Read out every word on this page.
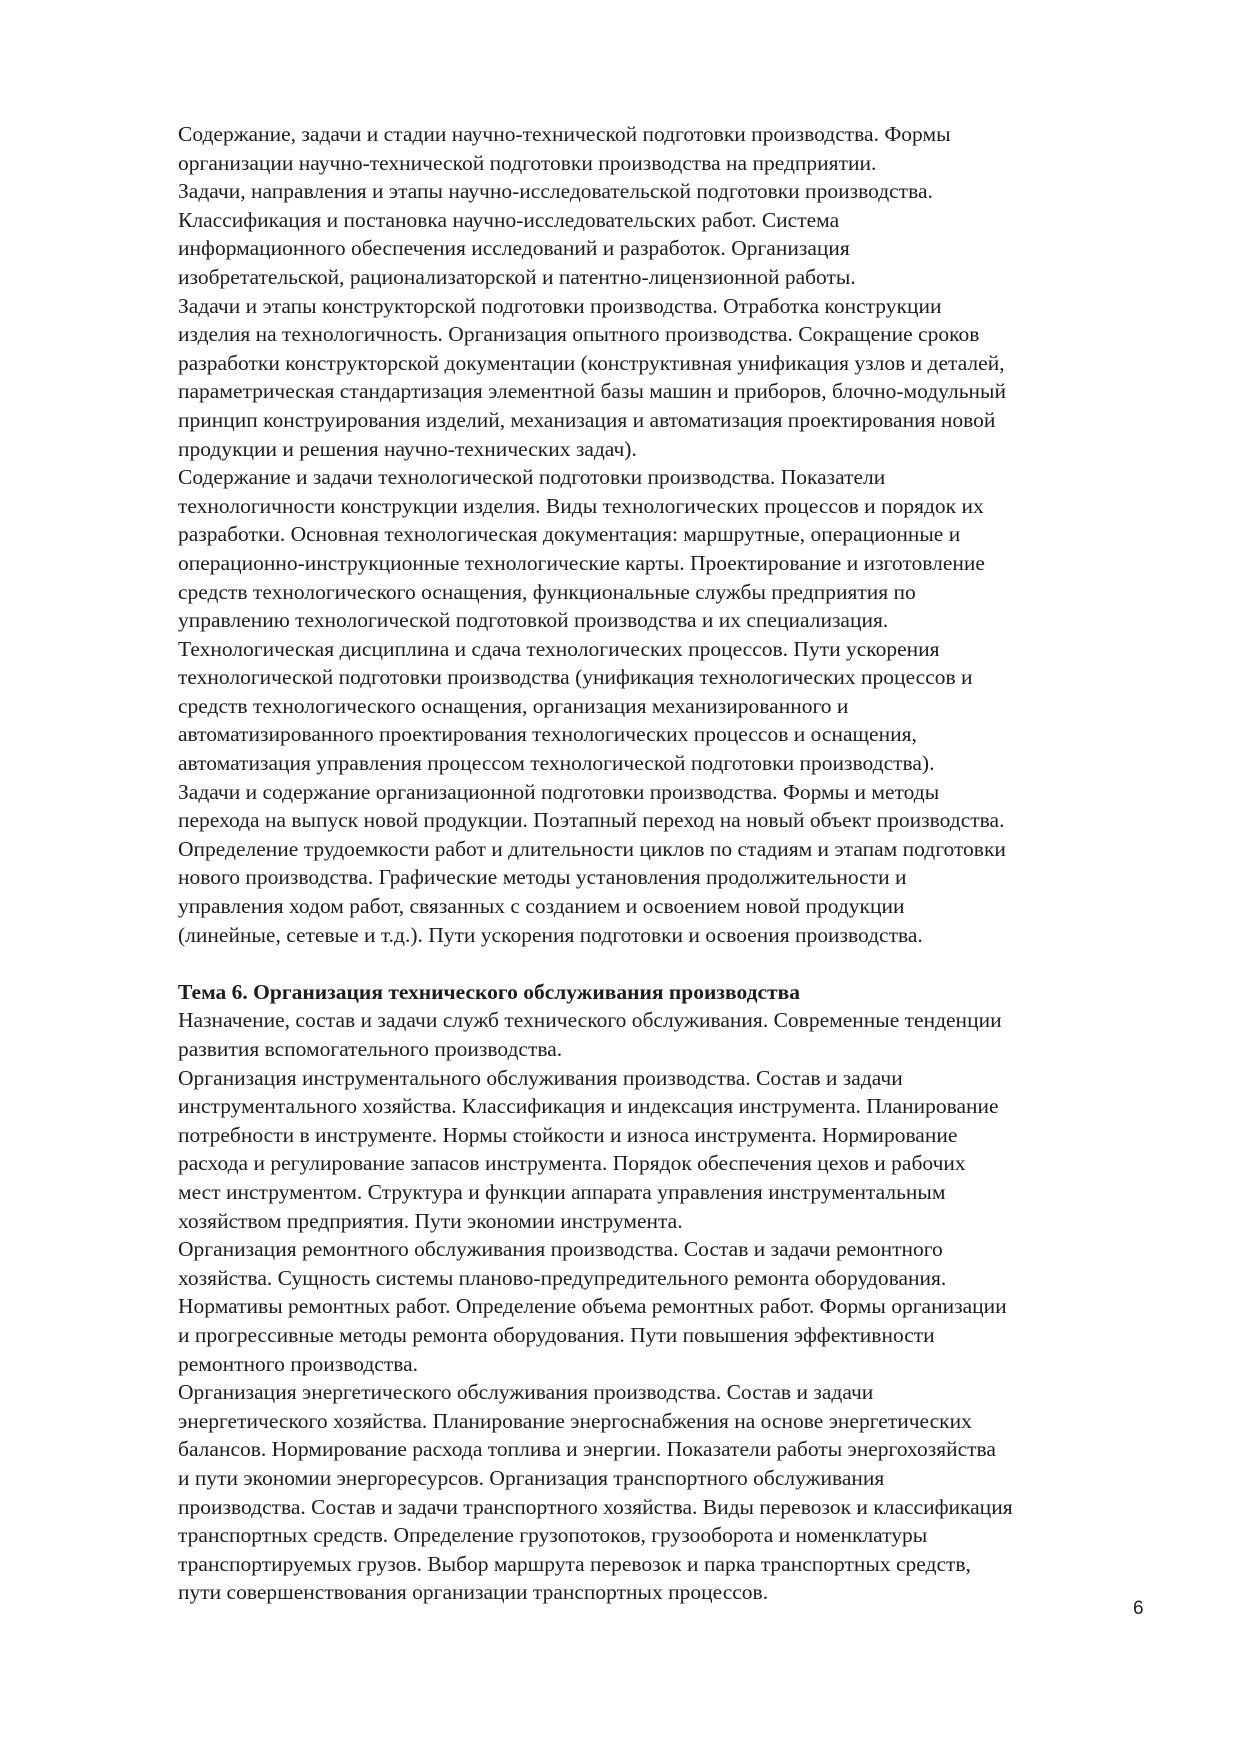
Содержание, задачи и стадии научно-технической подготовки производства. Формы
организации научно-технической подготовки производства на предприятии.
Задачи, направления и этапы научно-исследовательской подготовки производства.
Классификация и постановка научно-исследовательских работ. Система
информационного обеспечения исследований и разработок. Организация
изобретательской, рационализаторской и патентно-лицензионной работы.
Задачи и этапы конструкторской подготовки производства. Отработка конструкции
изделия на технологичность. Организация опытного производства. Сокращение сроков
разработки конструкторской документации (конструктивная унификация узлов и деталей,
параметрическая стандартизация элементной базы машин и приборов, блочно-модульный
принцип конструирования изделий, механизация и автоматизация проектирования новой
продукции и решения научно-технических задач).
Содержание и задачи технологической подготовки производства. Показатели
технологичности конструкции изделия. Виды технологических процессов и порядок их
разработки. Основная технологическая документация: маршрутные, операционные и
операционно-инструкционные технологические карты. Проектирование и изготовление
средств технологического оснащения, функциональные службы предприятия по
управлению технологической подготовкой производства и их специализация.
Технологическая дисциплина и сдача технологических процессов. Пути ускорения
технологической подготовки производства (унификация технологических процессов и
средств технологического оснащения, организация механизированного и
автоматизированного проектирования технологических процессов и оснащения,
автоматизация управления процессом технологической подготовки производства).
Задачи и содержание организационной подготовки производства. Формы и методы
перехода на выпуск новой продукции. Поэтапный переход на новый объект производства.
Определение трудоемкости работ и длительности циклов по стадиям и этапам подготовки
нового производства. Графические методы установления продолжительности и
управления ходом работ, связанных с созданием и освоением новой продукции
(линейные, сетевые и т.д.). Пути ускорения подготовки и освоения производства.
Тема 6. Организация технического обслуживания производства
Назначение, состав и задачи служб технического обслуживания. Современные тенденции
развития вспомогательного производства.
Организация инструментального обслуживания производства. Состав и задачи
инструментального хозяйства. Классификация и индексация инструмента. Планирование
потребности в инструменте. Нормы стойкости и износа инструмента. Нормирование
расхода и регулирование запасов инструмента. Порядок обеспечения цехов и рабочих
мест инструментом. Структура и функции аппарата управления инструментальным
хозяйством предприятия. Пути экономии инструмента.
Организация ремонтного обслуживания производства. Состав и задачи ремонтного
хозяйства. Сущность системы планово-предупредительного ремонта оборудования.
Нормативы ремонтных работ. Определение объема ремонтных работ. Формы организации
и прогрессивные методы ремонта оборудования. Пути повышения эффективности
ремонтного производства.
Организация энергетического обслуживания производства. Состав и задачи
энергетического хозяйства. Планирование энергоснабжения на основе энергетических
балансов. Нормирование расхода топлива и энергии. Показатели работы энергохозяйства
и пути экономии энергоресурсов. Организация транспортного обслуживания
производства. Состав и задачи транспортного хозяйства. Виды перевозок и классификация
транспортных средств. Определение грузопотоков, грузооборота и номенклатуры
транспортируемых грузов. Выбор маршрута перевозок и парка транспортных средств,
пути совершенствования организации транспортных процессов.
6
